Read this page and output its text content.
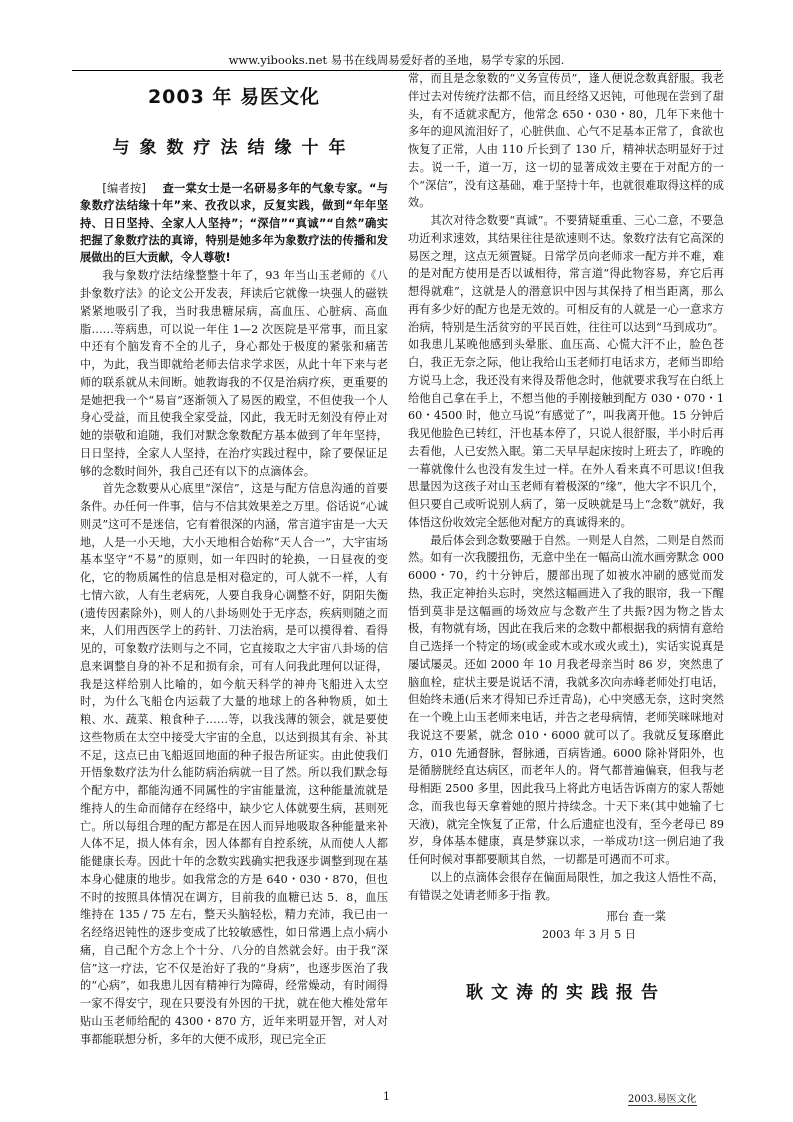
www.yibooks.net 易书在线周易爱好者的圣地，易学专家的乐园.
2003 年 易医文化
与象数疗法结缘十年

[编者按] 查一棠女士是一名研易多年的气象专家。“与象数疗法结缘十年”来、孜孜以求，反复实践，做到“年年坚持、日日坚持、全家人人坚持”；“深信”“真诚”“自然”确实把握了象数疗法的真谛，特别是她多年为象数疗法的传播和发展做出的巨大贡献，令人尊敬!

我与象数疗法结缘整整十年了，93 年当山玉老师的《八卦象数疗法》的论文公开发表，拜读后它就像一块强人的磁铁紧紧地吸引了我，当时我患糖尿病，高血压、心脏病、高血脂……等病患，可以说一年住 1—2 次医院是平常事，而且家中还有个脑发育不全的儿子，身心都处于极度的紧张和痛苦中，为此，我当即就给老师去信求学求医，从此十年下来与老师的联系就从未间断。她教诲我的不仅是治病疗疾，更重要的是她把我一个“易盲”逐渐领入了易医的殿堂，不但使我一个人身心受益，而且使我全家受益，冈此，我无时无刻没有停止对她的崇敬和追随，我们对默念象数配方基本做到了年年坚持，日日坚持，全家人人坚持，在治疗实践过程中，除了要保证足够的念数时间外，我自己还有以下的点滴体会。

首先念数要从心底里“深信”，这是与配方信息沟通的首要条件。办任何一件事，信与不信其效果差之万里。俗话说“心诚则灵”这可不是迷信，它有着很深的内涵，常言道宇宙是一大天地，人是一小天地，大小天地相合始称“天人合一”，大宇宙场基本坚守“不易”的原则，如一年四时的轮换，一日昼夜的变化，它的物质属性的信息是相对稳定的，可人就不一样，人有七情六欲，人有生老病死，人要自我身心调整不好，阴阳失衡(遗传因素除外)，则人的八卦场则处于无序态，疾病则随之而来，人们用西医学上的药针、刀法治病，是可以摸得着、看得见的，可象数疗法则与之不同，它直接取之大宇宙八卦场的信息来调整自身的补不足和损有余，可有人问我此理何以证得，我是这样给别人比喻的，如今航天科学的神舟飞船进入太空时，为什么飞船仓内运载了大量的地球上的各种物质，如土粮、水、蔬菜、粮食种子……等，以我浅薄的领会，就是要使这些物质在太空中接受大宇宙的全息，以达到损其有余、补其不足，这点已由飞船返回地面的种子报告所证实。由此使我们开悟象数疗法为什么能防病治病就一目了然。所以我们默念每个配方中，都能沟通不同属性的宇宙能量流，这种能量流就是维持人的生命而储存在经络中，缺少它人体就要生病，甚则死亡。所以每组合理的配方都是在因人而异地吸取各种能量来补人体不足，损人体有余，因人体都有自控系统，从而使人人都能健康长寿。因此十年的念数实践确实把我逐步调整到现在基本身心健康的地步。如我常念的方是 640・030・870，但也不时的按照具体情况在调方，目前我的血糖已达 5．8，血压维持在 135 / 75 左右，整天头脑轻松，精力充沛，我已由一名经络迟钝性的逐步变成了比较敏感性，如日常遇上点小病小痛，自己配个方念上个十分、八分的自然就会好。由于我“深信”这一疗法，它不仅是治好了我的“身病”，也逐步医治了我的“心病”，如我患儿因有精神行为障碍，经常燥动，有时闹得一家不得安宁，现在只要没有外因的干扰，就在他大椎处常年贴山玉老师给配的 4300・870 方，近年来明显开智，对人对事都能联想分析，多年的大便不成形，现已完全正

常，而且是念象数的“义务宣传员”，逢人便说念数真舒服。我老伴过去对传统疗法都不信，而且经络又迟钝，可他现在尝到了甜头，有不适就求配方，他常念 650・030・80，几年下来他十多年的迎风流泪好了，心脏供血、心气不足基本正常了，食欲也恢复了正常，人由 110 斤长到了 130 斤，精神状态明显好于过去。说一千，道一万，这一切的显著成效主要在于对配方的一个“深信”，没有这基础，难于坚持十年，也就很难取得这样的成效。

其次对待念数要“真诚”。不要猜疑重重、三心二意，不要急功近利求速效，其结果往往是欲速则不达。象数疗法有它高深的易医之理，这点无须置疑。日常学员向老师求一配方并不难，难的是对配方使用是否以诚相待，常言道“得此物容易，弃它后再想得就难”，这就是人的潜意识中因与其保持了相当距离，那么再有多少好的配方也是无效的。可相反有的人就是一心一意求方治病，特别是生活贫穷的平民百姓，往往可以达到“马到成功”。如我患儿某晚他感到头晕胀、血压高、心慌大汗不止，脸色苍白，我正无奈之际，他让我给山玉老师打电话求方，老师当即给方说马上念，我还没有来得及帮他念时，他就要求我写在白纸上给他自己拿在手上，不想当他的手刚接触到配方 030・070・160・4500 时，他立马说“有感觉了”，叫我离开他。15 分钟后我见他脸色已转红，汗也基本停了，只说人很舒服，半小时后再去看他，人已安然入眠。第二天早早起床按时上班去了，昨晚的一幕就像什么也没有发生过一样。在外人看来真不可思议!但我思量因为这孩子对山玉老师有着极深的“缘”，他大字不识几个，但只要自己或听说别人病了，第一反映就是马上“念数”就好，我体悟这份收效完全惩他对配方的真诚得来的。

最后体会到念数要融于自然。一则是人自然，二则是自然而然。如有一次我腰扭伤，无意中坐在一幅高山流水画旁默念 0006000・70，约十分钟后，腰部出现了如被水冲刷的感觉而发热，我正定神抬头忘时，突然这幅画进入了我的眼帘，我一下醒悟到莫非是这幅画的场效应与念数产生了共振?因为物之皆太极，有物就有场，因此在我后来的念数中都根据我的病情有意给自己选择一个特定的场(或金或木或水或火或土)，实话实说真是屡试屡灵。还如 2000 年 10 月我老母亲当时 86 岁，突然患了脑血栓，症状主要是说话不清，我就多次向赤峰老师处打电话，但始终未通(后来才得知已乔迁青岛)，心中突感无奈，这时突然在一个晚上山玉老师来电话，并告之老母病情，老师笑咪咪地对我说这不要紧，就念 010・6000 就可以了。我就反复琢磨此方，010 先通督脉，督脉通，百病皆通。6000 除补肾阳外，也是循膀胱经直达病区，而老年人的。肾气都普遍偏衰，但我与老母相距 2500 多里，因此我马上将此方电话告诉南方的家人帮她念，而我也每天拿着她的照片持续念。十天下来(其中她输了七天液)，就完全恢复了正常，什么后遗症也没有，至今老母已 89 岁，身体基本健康，真是梦寐以求，一举成功!这一例启迪了我任何时候对事都要顺其自然，一切都是可遇而不可求。

以上的点滴体会很存在偏面局限性，加之我这人悟性不高，有错误之处请老师多于指 教。

邢台 查一棠
2003 年 3 月 5 日
耿文涛的实践报告
1	2003.易医文化
